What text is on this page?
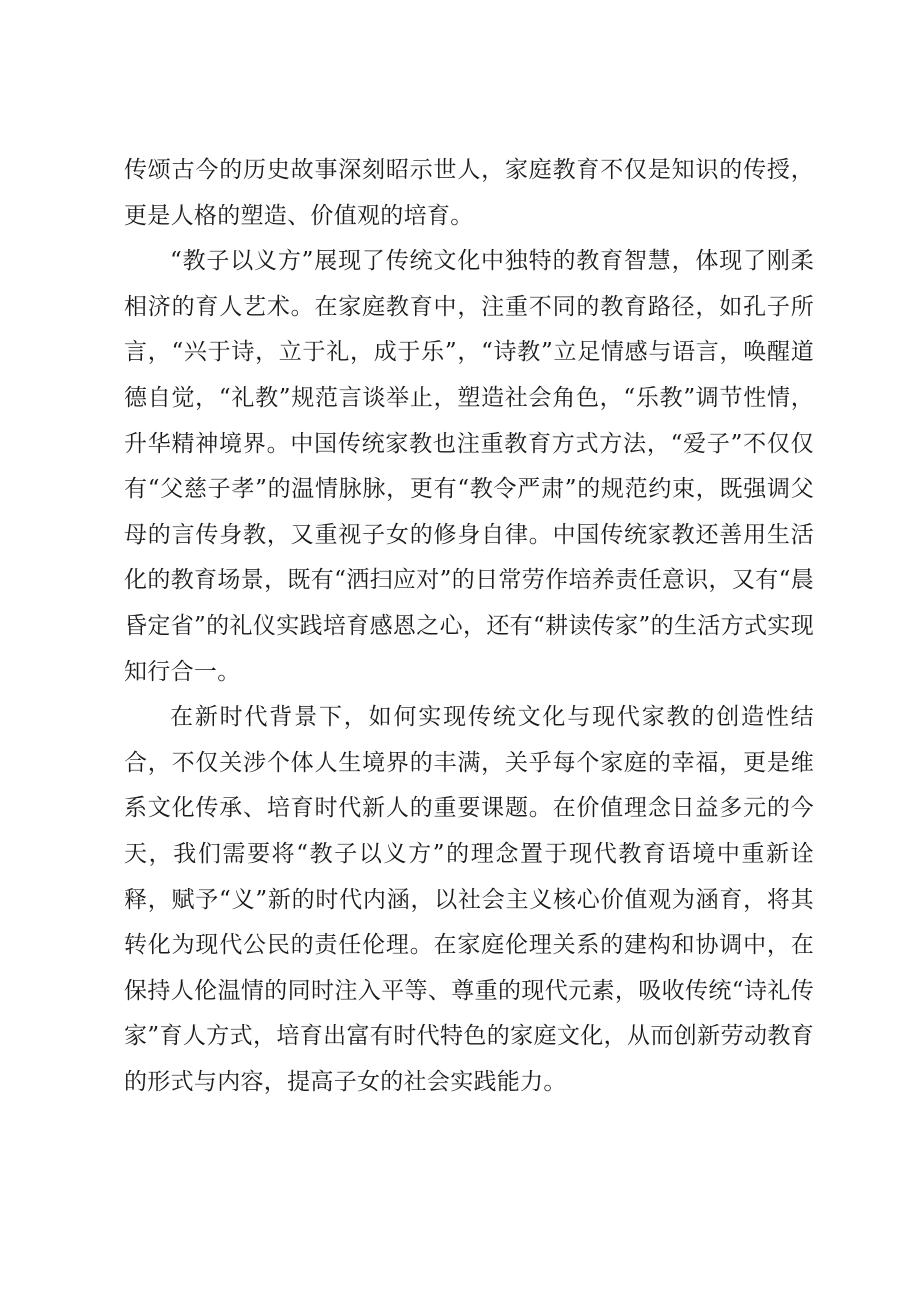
传颂古今的历史故事深刻昭示世人，家庭教育不仅是知识的传授，更是人格的塑造、价值观的培育。

“教子以义方”展现了传统文化中独特的教育智慧，体现了刚柔相济的育人艺术。在家庭教育中，注重不同的教育路径，如孔子所言，“兴于诗，立于礼，成于乐”，“诗教”立足情感与语言，唤醒道德自觉，“礼教”规范言谈举止，塑造社会角色，“乐教”调节性情，升华精神境界。中国传统家教也注重教育方式方法，“爱子”不仅仅有“父慈子孝”的温情脉脉，更有“教令严肃”的规范约束，既强调父母的言传身教，又重视子女的修身自律。中国传统家教还善用生活化的教育场景，既有“洒扫应对”的日常劳作培养责任意识，又有“晨昏定省”的礼仪实践培育感恩之心，还有“耕读传家”的生活方式实现知行合一。

在新时代背景下，如何实现传统文化与现代家教的创造性结合，不仅关涉个体人生境界的丰满，关乎每个家庭的幸福，更是维系文化传承、培育时代新人的重要课题。在价值理念日益多元的今天，我们需要将“教子以义方”的理念置于现代教育语境中重新诠释，赋予“义”新的时代内涵，以社会主义核心价值观为涵育，将其转化为现代公民的责任伦理。在家庭伦理关系的建构和协调中，在保持人伦温情的同时注入平等、尊重的现代元素，吸收传统“诗礼传家”育人方式，培育出富有时代特色的家庭文化，从而创新劳动教育的形式与内容，提高子女的社会实践能力。
